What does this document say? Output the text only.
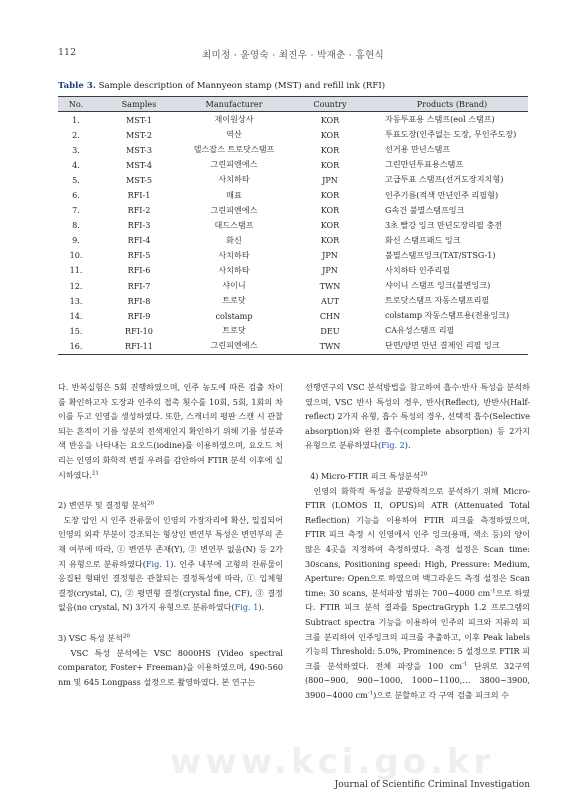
112	최미정 · 윤영숙 · 최진우 · 박재춘 · 홍현식
Table 3. Sample description of Mannyeon stamp (MST) and refill ink (RFI)
No.	Samples	Manufacturer	Country	Products (Brand)
1.	MST-1	재이원상사	KOR	자동투표용 스탬프(eol 스탬프)
2.	MST-2	역산	KOR	투표도장(인주없는 도장, 무인주도장)
3.	MST-3	델스잡스 트로닷스탬프	KOR	선거용 만년스탬프
4.	MST-4	그린피엔에스	KOR	그린만년투표용스탬프
5.	MST-5	사치하타	JPN	고급투표 스탬프(선거도장지치형)
6.	RFI-1	매표	KOR	인주기름(적색 만년인주 리필형)
7.	RFI-2	그린피엔에스	KOR	G속건 불멸스탬프잉크
8.	RFI-3	대드스탬프	KOR	3초 빨강 잉크 만년도장리필 충전
9.	RFI-4	화신	KOR	화신 스탬프패드 잉크
10.	RFI-5	사치하타	JPN	불멸스탬프잉크(TAT/STSG-1)
11.	RFI-6	사치하타	JPN	사치하타 인주리필
12.	RFI-7	샤이니	TWN	샤이니 스탬프 잉크(불변잉크)
13.	RFI-8	트로닷	AUT	트로닷스탬프 자동스탬프리필
14.	RFI-9	colstamp	CHN	colstamp 자동스탬프용(전용잉크)
15.	RFI-10	트로닷	DEU	CA유성스탬프 리필
16.	RFI-11	그린피엔에스	TWN	단면/양면 만년 결제인 리필 잉크

다. 반복실험은 5회 진행하였으며, 인주 농도에 따른 검출 차이를 확인하고자 도장과 인주의 접촉 횟수를 10회, 5회, 1회의 차이를 두고 인영을 생성하였다. 또한, 스캐너의 평판 스캔 시 관찰되는 흔적이 기름 성분의 전색제인지 확인하기 위해 기름 성분과 색 반응을 나타내는 요오드(iodine)를 이용하였으며, 요오드 처리는 인영의 화학적 변질 우려를 감안하여 FTIR 분석 이후에 실시하였다.$^{21}$

2) 변연부 및 결정형 분석$^{20}$

도장 압인 시 인주 잔류물이 인영의 가장자리에 확산, 밀집되어 인영의 외곽 부분이 강조되는 형상인 변연부 특성은 변연부의 존재 여부에 따라, ① 변연부 존재(Y), ② 변연부 없음(N) 등 2가지 유형으로 분류하였다(Fig. 1). 인주 내부에 고형의 잔류물이 응집된 형태인 결정형은 관찰되는 결정특성에 따라, ① 입체형 결정(crystal, C), ② 평면형 결정(crystal fine, CF), ③ 결정 없음(no crystal, N) 3가지 유형으로 분류하였다(Fig. 1).

3) VSC 특성 분석$^{20}$

VSC 특성 분석에는 VSC 8000HS (Video spectral comparator, Foster+ Freeman)을 이용하였으며, 490-560 nm 및 645 Longpass 설정으로 촬영하였다. 본 연구는

선행연구의 VSC 분석방법을 참고하여 흡수·반사 특성을 분석하였으며, VSC 반사 특성의 경우, 반사(Reflect), 반반사(Half-reflect) 2가지 유형, 흡수 특성의 경우, 선택적 흡수(Selective absorption)와 완전 흡수(complete absorption) 등 2가지 유형으로 분류하였다(Fig. 2).

4) Micro-FTIR 피크 특성분석$^{20}$

인영의 화학적 특성을 분광학적으로 분석하기 위해 Micro-FTIR (LOMOS II, OPUS)의 ATR (Attenuated Total Reflection) 기능을 이용하여 FTIR 피크를 측정하였으며, FTIR 피크 측정 시 인영에서 인주 잉크(용매, 색소 등)의 양이 많은 4곳을 지정하여 측정하였다. 측정 설정은 Scan time: 30scans, Positioning speed: High, Pressure: Medium, Aperture: Open으로 하였으며 백그라운드 측정 설정은 Scan time: 30 scans, 분석파장 범위는 700~4000 $cm^{-1}$으로 하였다. FTIR 피크 분석 결과를 SpectraGryph 1.2 프로그램의 Subtract spectra 기능을 이용하여 인주의 피크와 지류의 피크를 분리하여 인주잉크의 피크를 추출하고, 이후 Peak labels 기능의 Threshold: 5.0%, Prominence: 5 설정으로 FTIR 피크를 분석하였다. 전체 파장을 100 $cm^{-1}$ 단위로 32구역(800~900, 900~1000, 1000~1100,… 3800~3900, 3900~4000 $cm^{-1}$)으로 분할하고 각 구역 검출 피크의 수

www.kci.go.kr
Journal of Scientific Criminal Investigation
